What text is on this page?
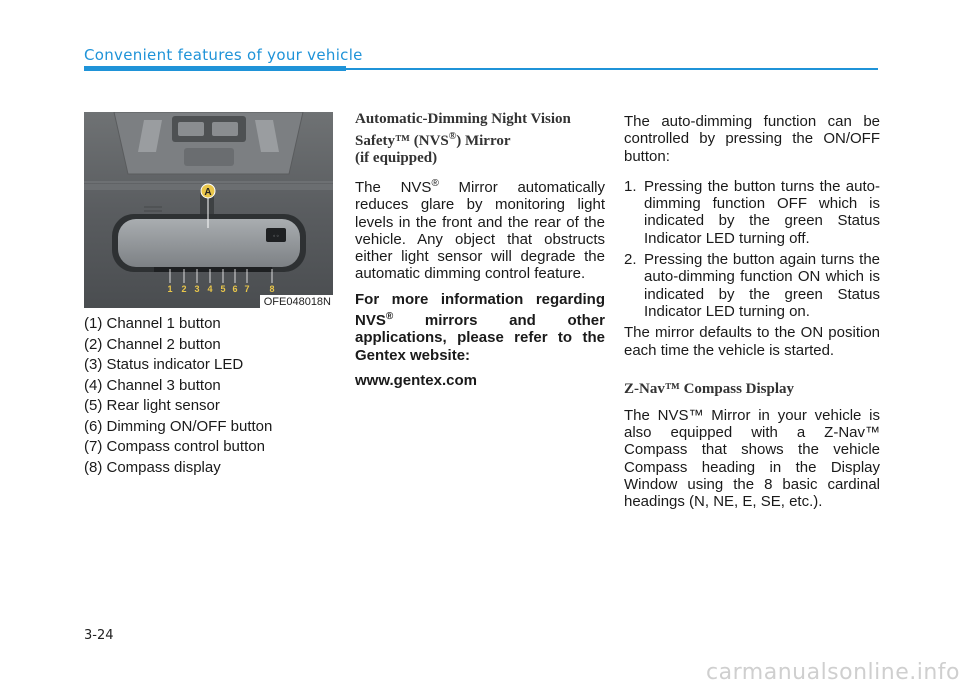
Convenient features of your vehicle
◦◦
A
1 2 3 4 5 6 7 8
OFE048018N

(1) Channel 1 button

(2) Channel 2 button

(3) Status indicator LED

(4) Channel 3 button

(5) Rear light sensor

(6) Dimming ON/OFF button

(7) Compass control button

(8) Compass display

Automatic-Dimming Night Vision
Safety™ (NVS®) Mirror
(if equipped)

The NVS® Mirror automatically reduces glare by monitoring light levels in the front and the rear of the vehicle. Any object that obstructs either light sensor will degrade the automatic dimming control feature.

For more information regarding NVS® mirrors and other applications, please refer to the Gentex website:

www.gentex.com

The auto-dimming function can be controlled by pressing the ON/OFF button:

1. Pressing the button turns the auto-dimming function OFF which is indicated by the green Status Indicator LED turning off.
2. Pressing the button again turns the auto-dimming function ON which is indicated by the green Status Indicator LED turning on.

The mirror defaults to the ON position each time the vehicle is started.

Z-Nav™ Compass Display

The NVS™ Mirror in your vehicle is also equipped with a Z-Nav™ Compass that shows the vehicle Compass heading in the Display Window using the 8 basic cardinal headings (N, NE, E, SE, etc.).

3-24
carmanualsonline.info
